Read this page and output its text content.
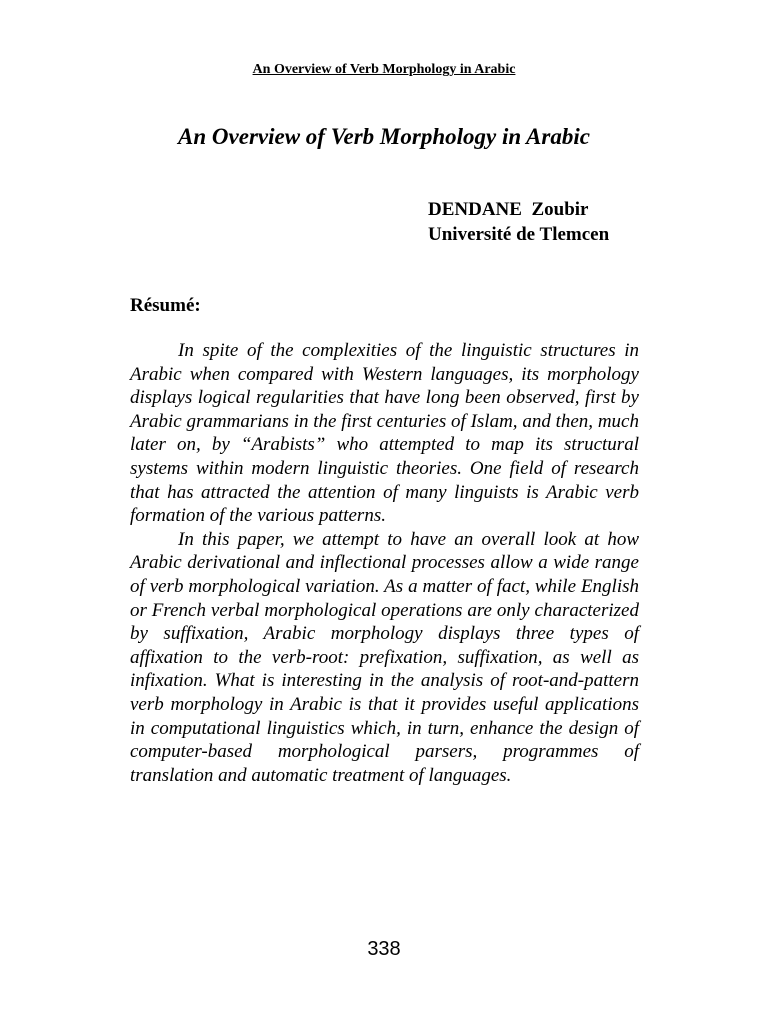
An Overview of Verb Morphology in Arabic
An Overview of Verb Morphology in Arabic
DENDANE  Zoubir
Université de Tlemcen
Résumé:

In spite of the complexities of the linguistic structures in Arabic when compared with Western languages, its morphology displays logical regularities that have long been observed, first by Arabic grammarians in the first centuries of Islam, and then, much later on, by “Arabists” who attempted to map its structural systems within modern linguistic theories. One field of research that has attracted the attention of many linguists is Arabic verb formation of the various patterns.

In this paper, we attempt to have an overall look at how Arabic derivational and inflectional processes allow a wide range of verb morphological variation. As a matter of fact, while English or French verbal morphological operations are only characterized by suffixation, Arabic morphology displays three types of affixation to the verb-root: prefixation, suffixation, as well as infixation. What is interesting in the analysis of root-and-pattern verb morphology in Arabic is that it provides useful applications in computational linguistics which, in turn, enhance the design of computer-based morphological parsers, programmes of translation and automatic treatment of languages.

338
